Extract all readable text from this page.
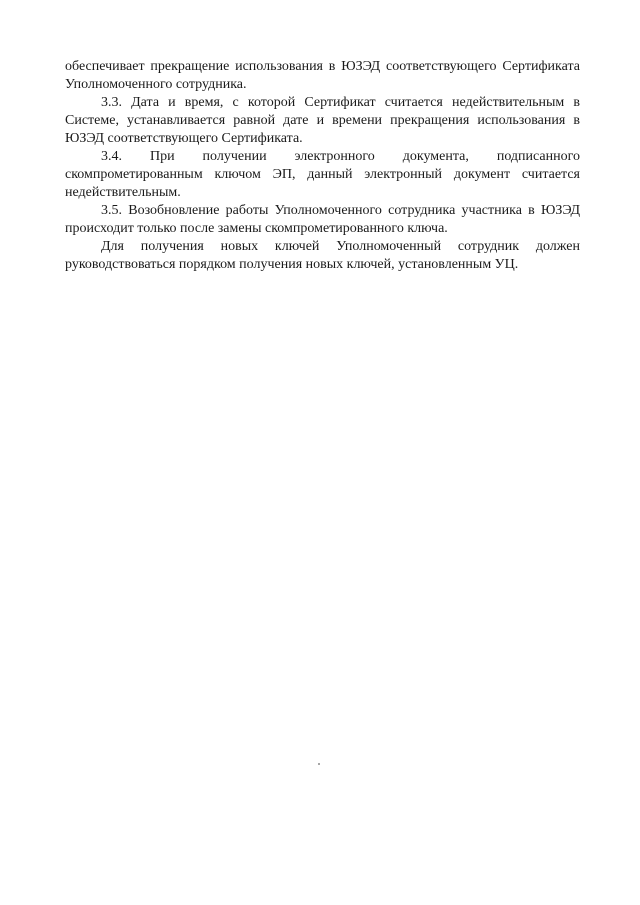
обеспечивает прекращение использования в ЮЗЭД соответствующего Сертификата Уполномоченного сотрудника.

3.3. Дата и время, с которой Сертификат считается недействительным в Системе, устанавливается равной дате и времени прекращения использования в ЮЗЭД соответствующего Сертификата.

3.4. При получении электронного документа, подписанного скомпрометированным ключом ЭП, данный электронный документ считается недействительным.

3.5. Возобновление работы Уполномоченного сотрудника участника в ЮЗЭД происходит только после замены скомпрометированного ключа.

Для получения новых ключей Уполномоченный сотрудник должен руководствоваться порядком получения новых ключей, установленным УЦ.
